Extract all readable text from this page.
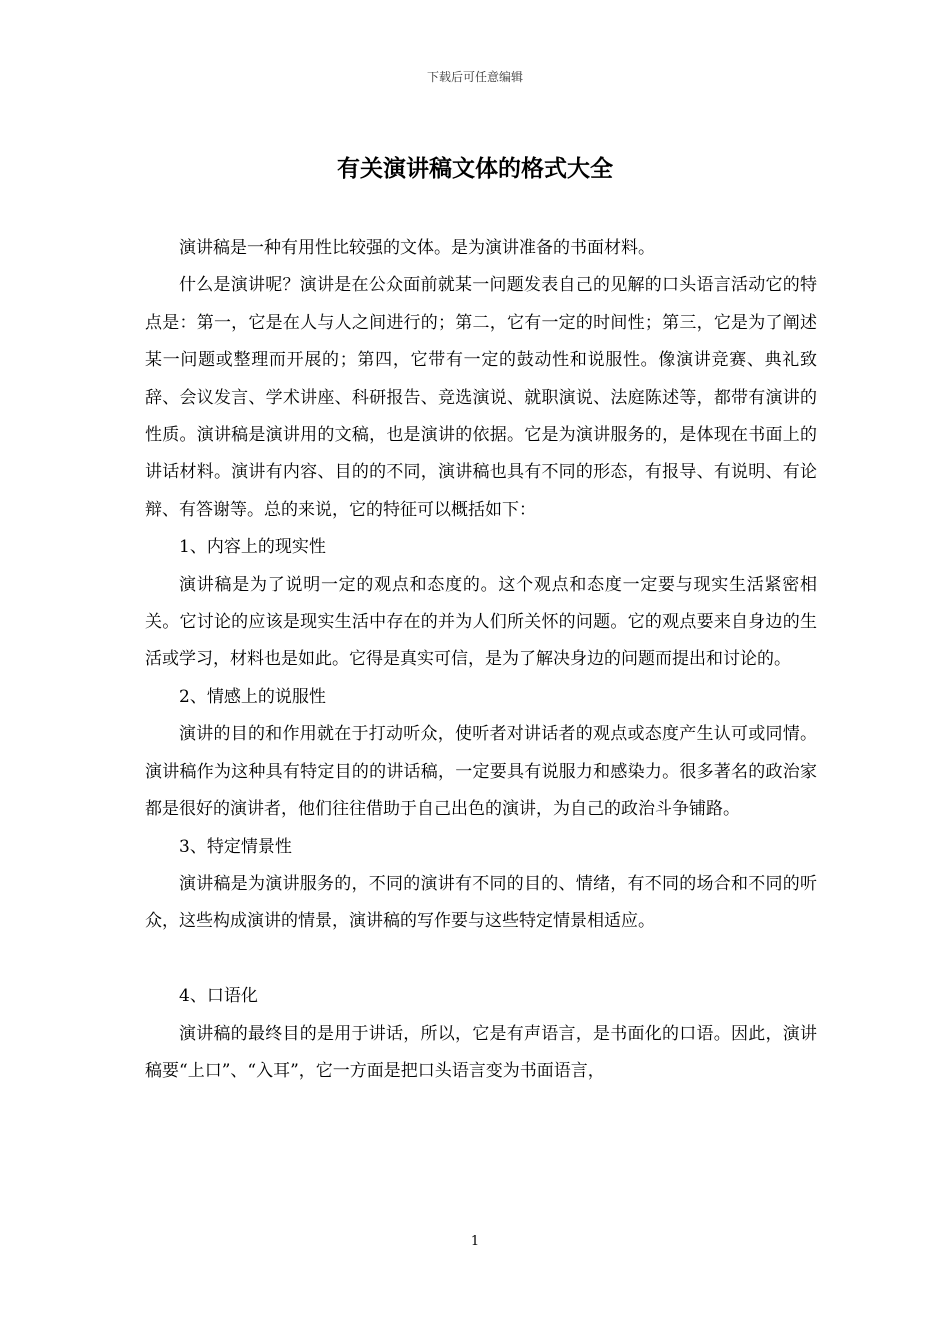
下载后可任意编辑
有关演讲稿文体的格式大全

演讲稿是一种有用性比较强的文体。是为演讲准备的书面材料。

什么是演讲呢？演讲是在公众面前就某一问题发表自己的见解的口头语言活动它的特点是：第一，它是在人与人之间进行的；第二，它有一定的时间性；第三，它是为了阐述某一问题或整理而开展的；第四，它带有一定的鼓动性和说服性。像演讲竞赛、典礼致辞、会议发言、学术讲座、科研报告、竞选演说、就职演说、法庭陈述等，都带有演讲的性质。演讲稿是演讲用的文稿，也是演讲的依据。它是为演讲服务的，是体现在书面上的讲话材料。演讲有内容、目的的不同，演讲稿也具有不同的形态，有报导、有说明、有论辩、有答谢等。总的来说，它的特征可以概括如下：

1、内容上的现实性

演讲稿是为了说明一定的观点和态度的。这个观点和态度一定要与现实生活紧密相关。它讨论的应该是现实生活中存在的并为人们所关怀的问题。它的观点要来自身边的生活或学习，材料也是如此。它得是真实可信，是为了解决身边的问题而提出和讨论的。

2、情感上的说服性

演讲的目的和作用就在于打动听众，使听者对讲话者的观点或态度产生认可或同情。演讲稿作为这种具有特定目的的讲话稿，一定要具有说服力和感染力。很多著名的政治家都是很好的演讲者，他们往往借助于自己出色的演讲，为自己的政治斗争铺路。

3、特定情景性

演讲稿是为演讲服务的，不同的演讲有不同的目的、情绪，有不同的场合和不同的听众，这些构成演讲的情景，演讲稿的写作要与这些特定情景相适应。

4、口语化

演讲稿的最终目的是用于讲话，所以，它是有声语言，是书面化的口语。因此，演讲稿要“上口”、“入耳”，它一方面是把口头语言变为书面语言，

1
